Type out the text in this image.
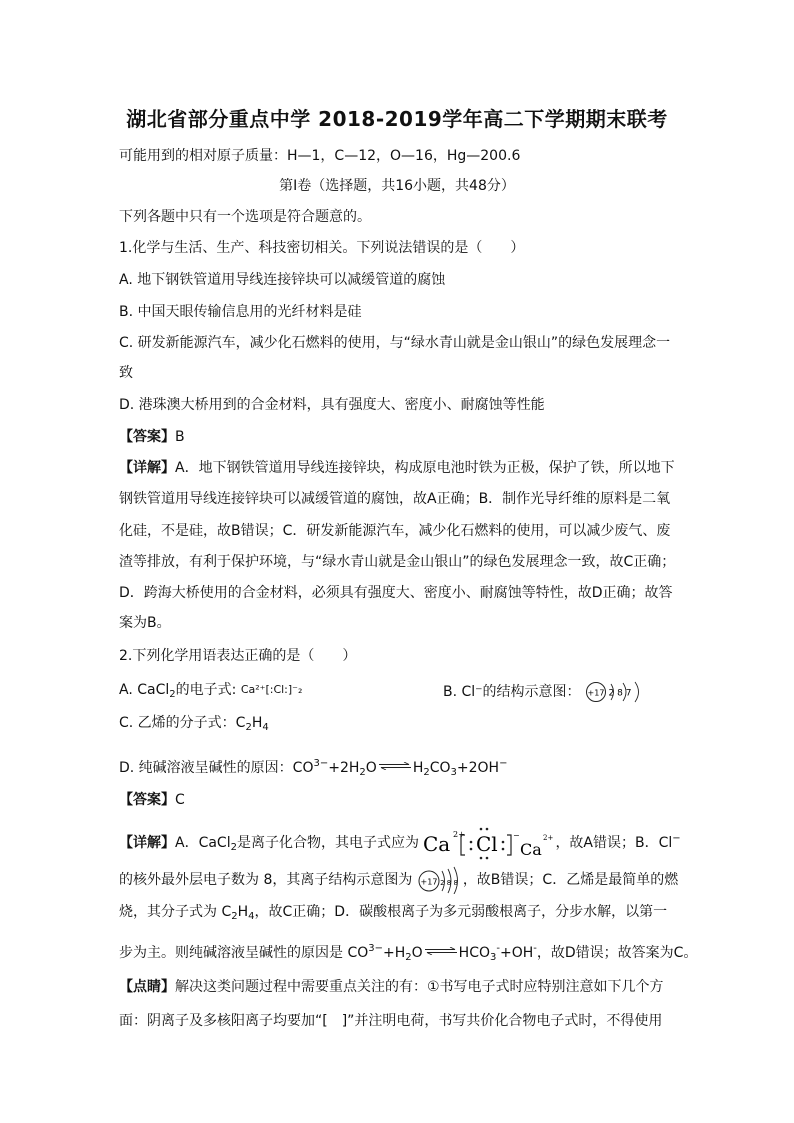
湖北省部分重点中学 2018-2019学年高二下学期期末联考
可能用到的相对原子质量：H—1，C—12，O—16，Hg—200.6
第Ⅰ卷（选择题，共16小题，共48分）
下列各题中只有一个选项是符合题意的。
1.化学与生活、生产、科技密切相关。下列说法错误的是（　　）
A. 地下钢铁管道用导线连接锌块可以减缓管道的腐蚀
B. 中国天眼传输信息用的光纤材料是硅
C. 研发新能源汽车，减少化石燃料的使用，与“绿水青山就是金山银山”的绿色发展理念一
致
D. 港珠澳大桥用到的合金材料，具有强度大、密度小、耐腐蚀等性能
【答案】B
【详解】A．地下钢铁管道用导线连接锌块，构成原电池时铁为正极，保护了铁，所以地下
钢铁管道用导线连接锌块可以减缓管道的腐蚀，故A正确；B．制作光导纤维的原料是二氧
化硅，不是硅，故B错误；C．研发新能源汽车，减少化石燃料的使用，可以减少废气、废
渣等排放，有利于保护环境，与“绿水青山就是金山银山”的绿色发展理念一致，故C正确；
D．跨海大桥使用的合金材料，必须具有强度大、密度小、耐腐蚀等特性，故D正确；故答
案为B。
2.下列化学用语表达正确的是（　　）
A. CaCl$_2$的电子式: Ca²⁺[:Cl:]⁻₂	B. Cl⁻的结构示意图： +17 2 8 7
C. 乙烯的分子式：$C_2H_4$
D. 纯碱溶液呈碱性的原因：$CO^{3-}+2H_2O\rightleftharpoons H_2CO_3+2OH^-$
【答案】C
【详解】A．CaCl$_2$是离子化合物，其电子式应为 Ca 2+ Cl −
Ca
2+ ，故A错误；B．Cl−
的核外最外层电子数为 8，其离子结构示意图为 +17 2 8 8 ，故B错误；C．乙烯是最简单的燃
烧，其分子式为 $C_2H_4$，故C正确；D．碳酸根离子为多元弱酸根离子，分步水解，以第一
步为主。则纯碱溶液呈碱性的原因是 $CO^{3-}+H_2O\rightleftharpoons HCO_3^-+OH^-$，故D错误；故答案为C。
【点睛】解决这类问题过程中需要重点关注的有：①书写电子式时应特别注意如下几个方
面：阴离子及多核阳离子均要加“[　]”并注明电荷，书写共价化合物电子式时，不得使用
